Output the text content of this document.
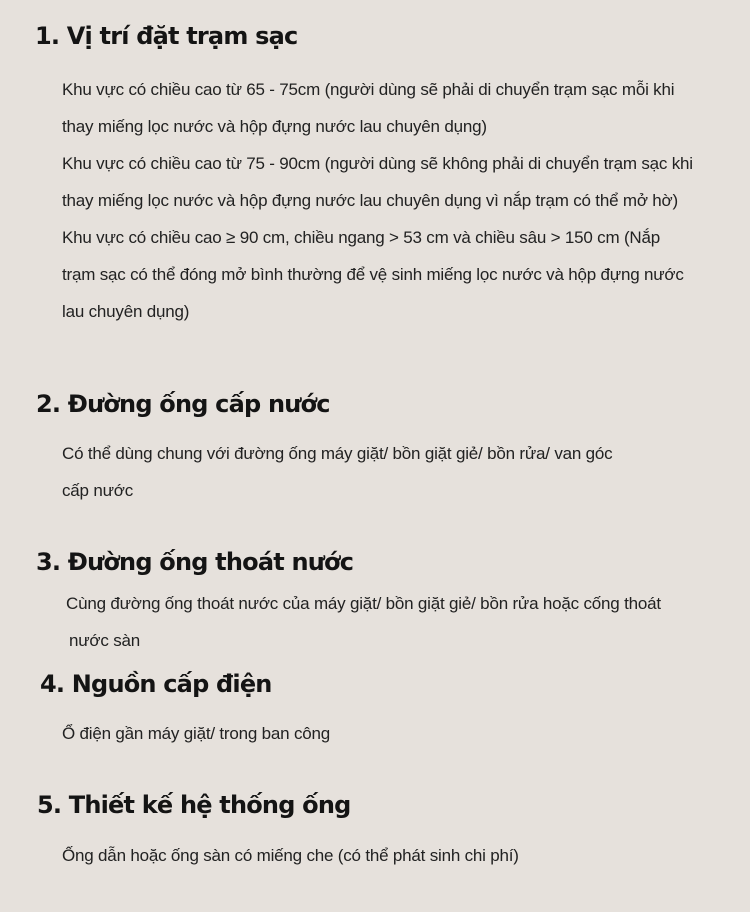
1. Vị trí đặt trạm sạc
Khu vực có chiều cao từ 65 - 75cm (người dùng sẽ phải di chuyển trạm sạc mỗi khi
thay miếng lọc nước và hộp đựng nước lau chuyên dụng)
Khu vực có chiều cao từ 75 - 90cm (người dùng sẽ không phải di chuyển trạm sạc khi
thay miếng lọc nước và hộp đựng nước lau chuyên dụng vì nắp trạm có thể mở hờ)
Khu vực có chiều cao ≥ 90 cm, chiều ngang > 53 cm và chiều sâu > 150 cm (Nắp
trạm sạc có thể đóng mở bình thường để vệ sinh miếng lọc nước và hộp đựng nước
lau chuyên dụng)
2. Đường ống cấp nước
Có thể dùng chung với đường ống máy giặt/ bồn giặt giẻ/ bồn rửa/ van góc
cấp nước
3. Đường ống thoát nước
Cùng đường ống thoát nước của máy giặt/ bồn giặt giẻ/ bồn rửa hoặc cống thoát
nước sàn
4. Nguồn cấp điện
Ổ điện gần máy giặt/ trong ban công
5. Thiết kế hệ thống ống
Ống dẫn hoặc ống sàn có miếng che (có thể phát sinh chi phí)
